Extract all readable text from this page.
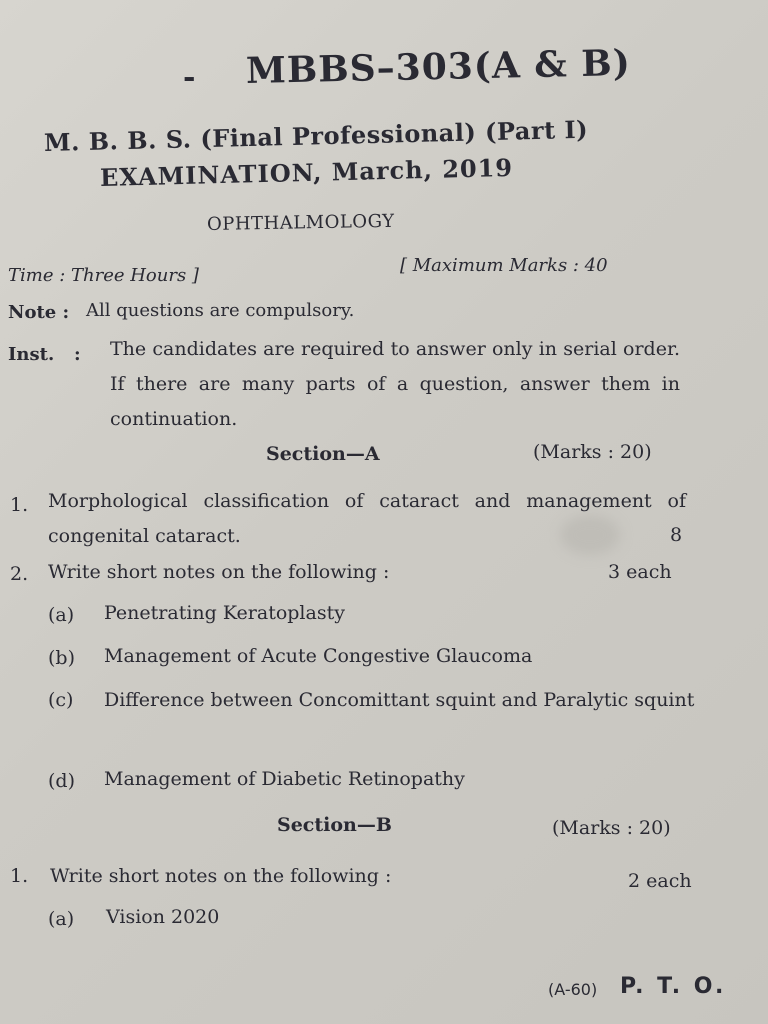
- MBBS–303(A & B)
M. B. B. S. (Final Professional) (Part I)
EXAMINATION, March, 2019
OPHTHALMOLOGY
Time : Three Hours ]	[ Maximum Marks : 40
Note : All questions are compulsory.
Inst. : The candidates are required to answer only in serial order. If there are many parts of a question, answer them in continuation.
Section—A	(Marks : 20)
1. Morphological classification of cataract and management of congenital cataract.	8
2. Write short notes on the following :	3 each
(a) Penetrating Keratoplasty
(b) Management of Acute Congestive Glaucoma
(c) Difference between Concomittant squint and Paralytic squint
(d) Management of Diabetic Retinopathy
Section—B	(Marks : 20)
1. Write short notes on the following :	2 each
(a) Vision 2020
(A-60) P. T. O.
